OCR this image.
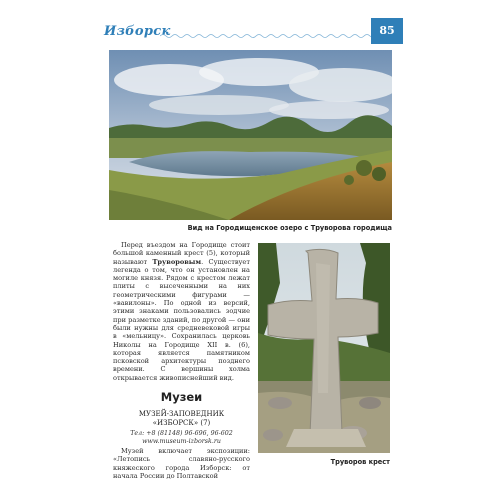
Изборск	85
Вид на Городищенское озеро с Труворова городища

Перед въездом на Городище стоит большой каменный крест (5), который называют Труворовым. Существует легенда о том, что он установлен на могиле князя. Рядом с крестом лежат плиты с высеченными на них геометрическими фигурами — «вавилоны». По одной из версий, этими знаками пользовались зодчие при разметке зданий, по другой — они были нужны для средневековой игры в «мельницу». Сохранилась церковь Николы на Городище XII в. (6), которая является памятником псковской архитектуры позднего времени. С вершины холма открывается живописнейший вид.

Музеи
МУЗЕЙ-ЗАПОВЕДНИК
«ИЗБОРСК» (7)
Тел: +8 (81148) 96-696, 96-602
www.museum-izborsk.ru

Музей включает экспозиции: «Летопись славяно-русского княжеского города Изборск: от начала России до Полтавской

Труворов крест
